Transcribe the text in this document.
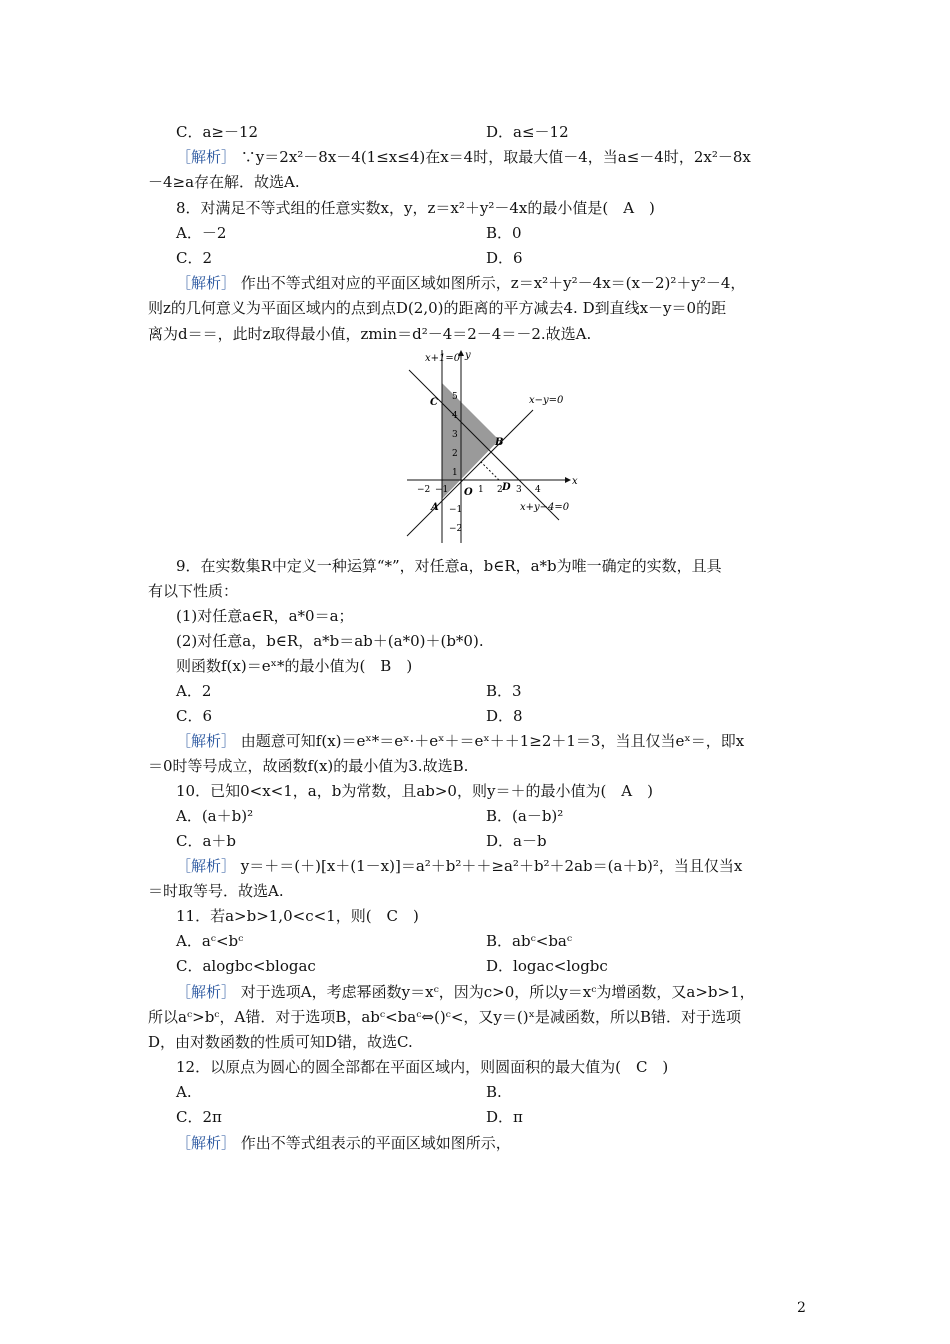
C．a≥－12	D．a≤－12
［解析］ ∵y＝2x²－8x－4(1≤x≤4)在x＝4时，取最大值－4，当a≤－4时，2x²－8x
－4≥a存在解．故选A.
8．对满足不等式组的任意实数x，y，z＝x²＋y²－4x的最小值是(　A　)
A．－2	B．0
C．2	D．6
［解析］ 作出不等式组对应的平面区域如图所示，z＝x²＋y²－4x＝(x－2)²＋y²－4，
则z的几何意义为平面区域内的点到点D(2,0)的距离的平方减去4. D到直线x－y＝0的距
离为d＝＝，此时z取得最小值，zmin＝d²－4＝2－4＝－2.故选A.
x+1=0
x−y=0
x+y−4=0
C
B
A
D
O
y
x
5
4
3
2
1
−1
−2
−2 −1	1 2 3 4
9．在实数集R中定义一种运算“*”，对任意a，b∈R，a*b为唯一确定的实数，且具
有以下性质：
(1)对任意a∈R，a*0＝a；
(2)对任意a，b∈R，a*b＝ab＋(a*0)＋(b*0).
则函数f(x)＝eˣ*的最小值为(　B　)
A．2	B．3
C．6	D．8
［解析］ 由题意可知f(x)＝eˣ*＝eˣ·＋eˣ＋＝eˣ＋＋1≥2＋1＝3，当且仅当eˣ＝，即x
＝0时等号成立，故函数f(x)的最小值为3.故选B.
10．已知0<x<1，a，b为常数，且ab>0，则y＝＋的最小值为(　A　)
A．(a＋b)²	B．(a－b)²
C．a＋b	D．a－b
［解析］ y＝＋＝(＋)[x＋(1－x)]＝a²＋b²＋＋≥a²＋b²＋2ab＝(a＋b)²，当且仅当x
＝时取等号．故选A.
11．若a>b>1,0<c<1，则(　C　)
A．aᶜ<bᶜ	B．abᶜ<baᶜ
C．alogbc<blogac	D．logac<logbc
［解析］ 对于选项A，考虑幂函数y＝xᶜ，因为c>0，所以y＝xᶜ为增函数，又a>b>1，
所以aᶜ>bᶜ，A错．对于选项B，abᶜ<baᶜ⇔()ᶜ<，又y＝()ˣ是减函数，所以B错．对于选项
D，由对数函数的性质可知D错，故选C.
12．以原点为圆心的圆全部都在平面区域内，则圆面积的最大值为(　C　)
A.	B.
C．2π	D．π
［解析］ 作出不等式组表示的平面区域如图所示，
2
